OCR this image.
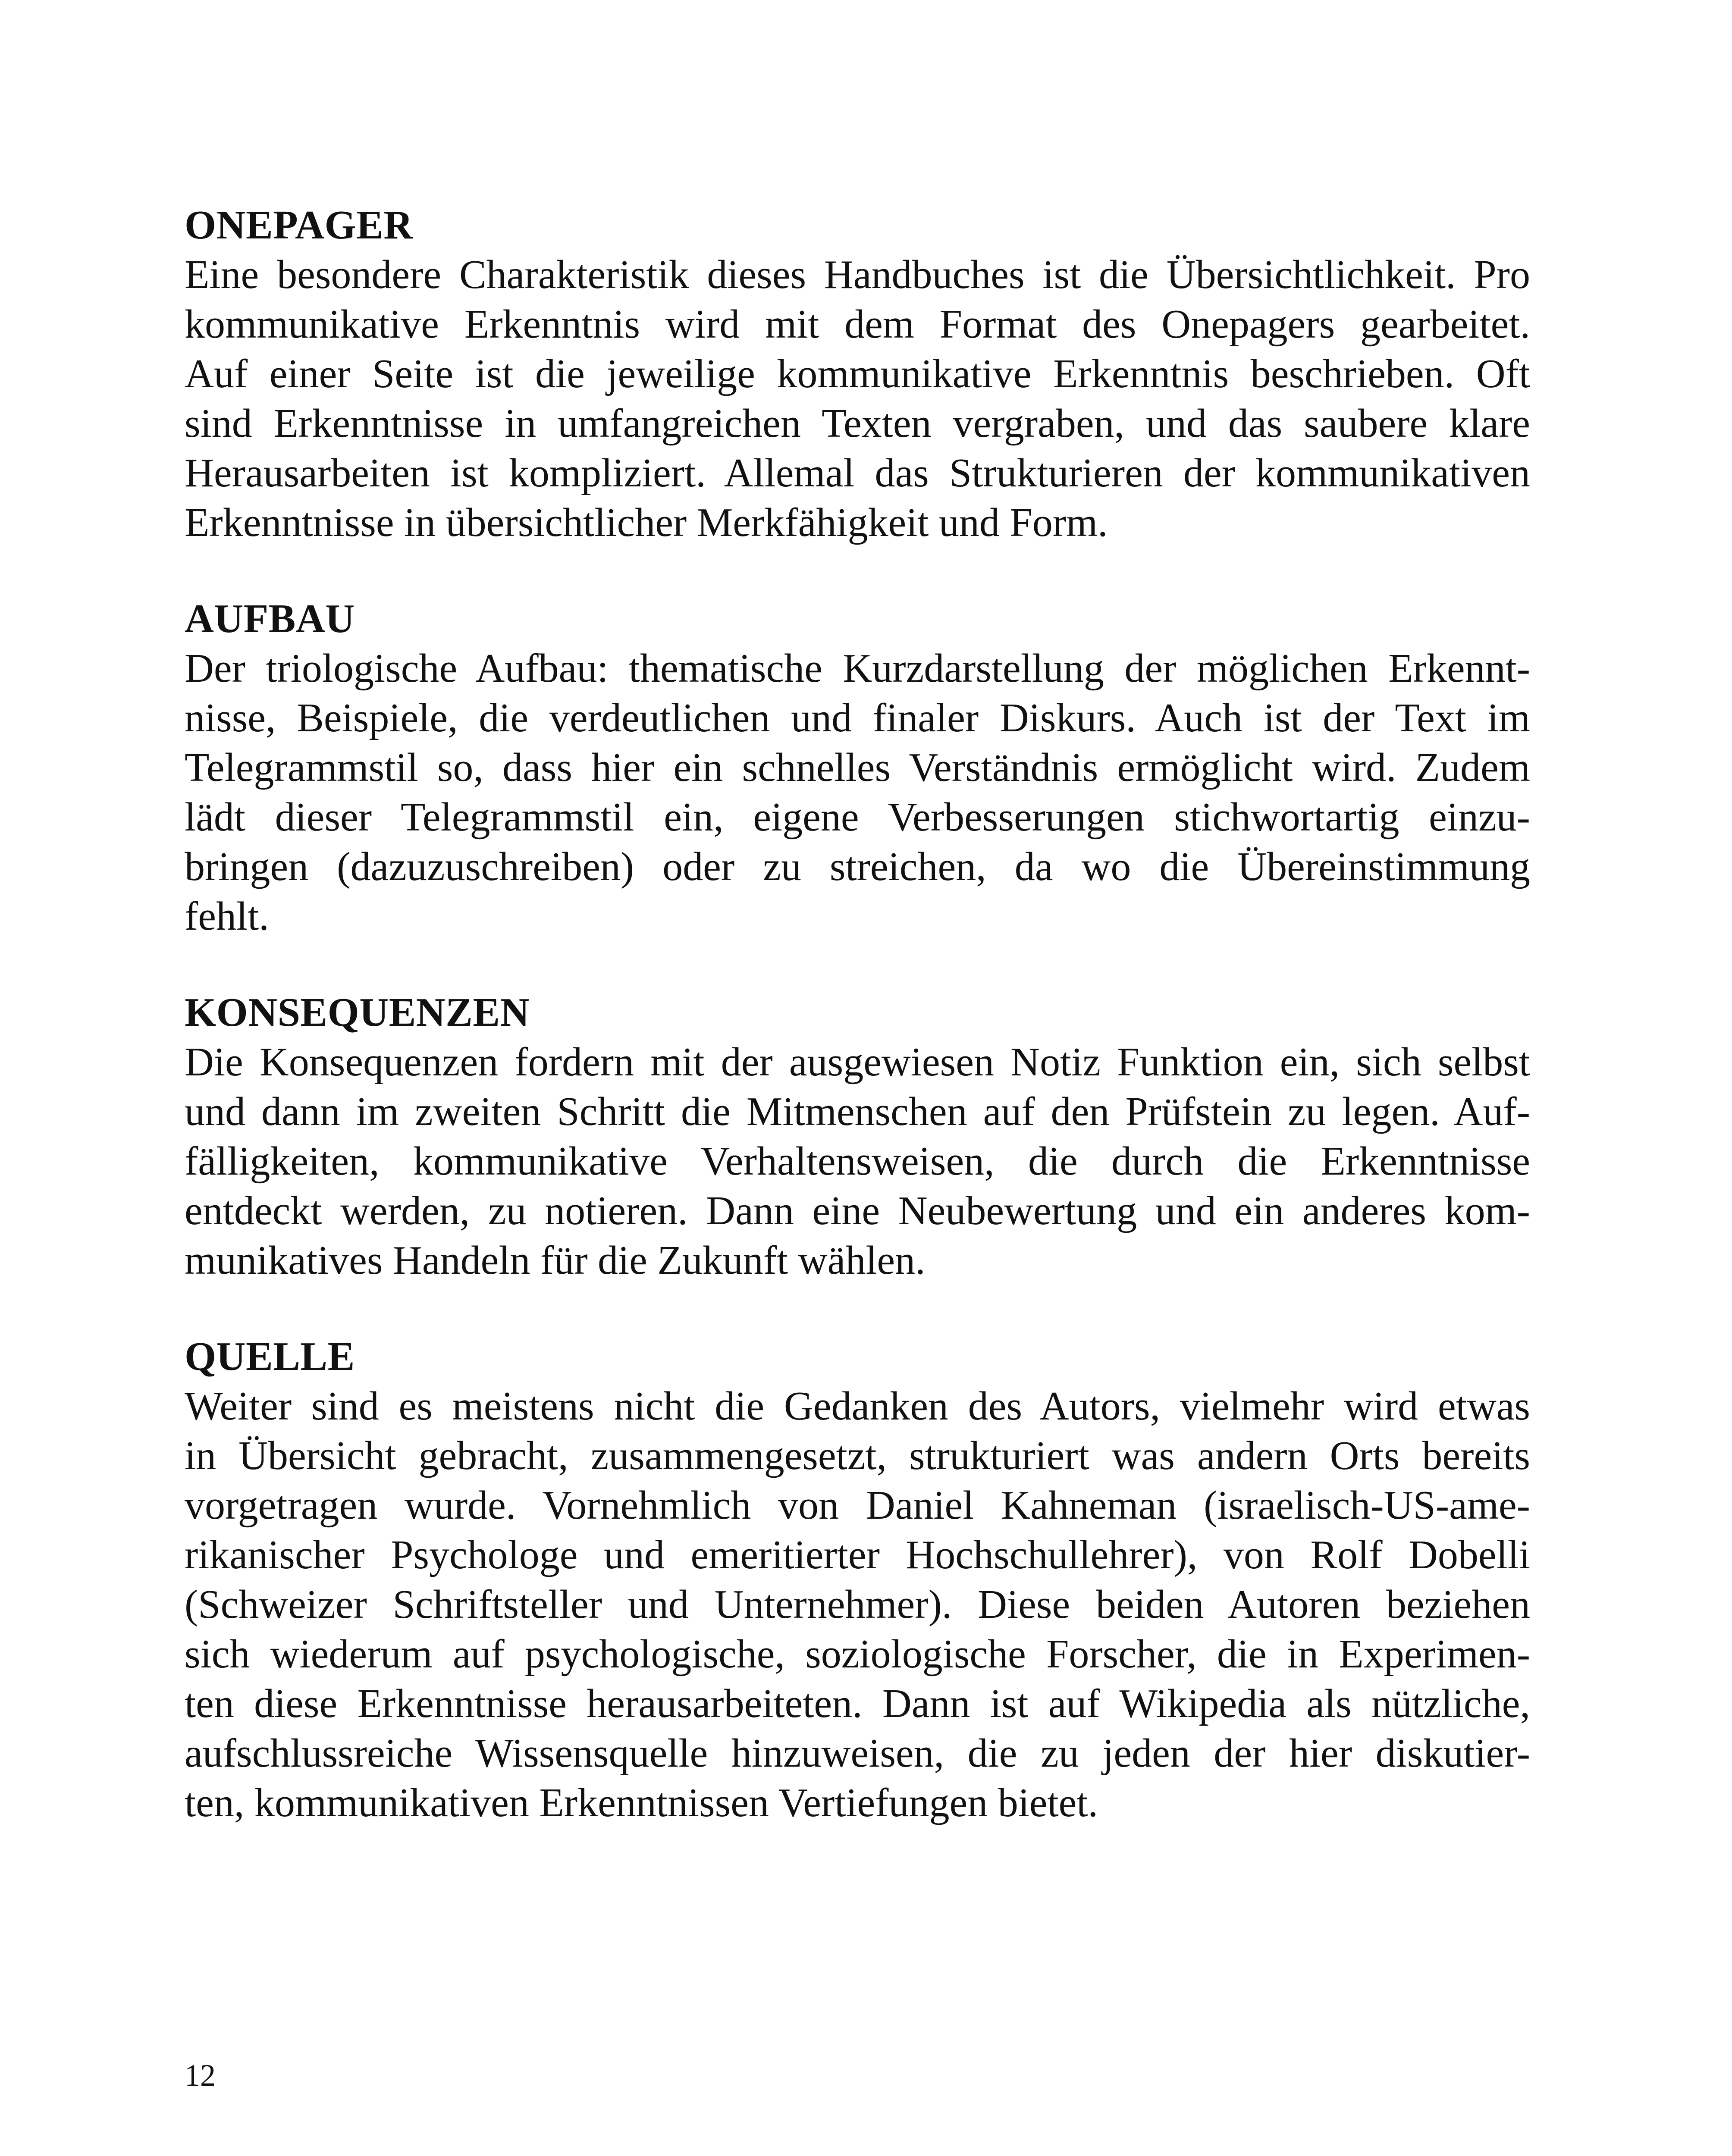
ONEPAGER

Eine besondere Charakteristik dieses Handbuches ist die Übersichtlichkeit. Pro
kommunikative Erkenntnis wird mit dem Format des Onepagers gearbeitet.
Auf einer Seite ist die jeweilige kommunikative Erkenntnis beschrieben. Oft
sind Erkenntnisse in umfangreichen Texten vergraben, und das saubere klare
Herausarbeiten ist kompliziert. Allemal das Strukturieren der kommunikativen
Erkenntnisse in übersichtlicher Merkfähigkeit und Form.

AUFBAU

Der triologische Aufbau: thematische Kurzdarstellung der möglichen Erkennt-
nisse, Beispiele, die verdeutlichen und finaler Diskurs. Auch ist der Text im
Telegrammstil so, dass hier ein schnelles Verständnis ermöglicht wird. Zudem
lädt dieser Telegrammstil ein, eigene Verbesserungen stichwortartig einzu-
bringen (dazuzuschreiben) oder zu streichen, da wo die Übereinstimmung
fehlt.

KONSEQUENZEN

Die Konsequenzen fordern mit der ausgewiesen Notiz Funktion ein, sich selbst
und dann im zweiten Schritt die Mitmenschen auf den Prüfstein zu legen. Auf-
fälligkeiten, kommunikative Verhaltensweisen, die durch die Erkenntnisse
entdeckt werden, zu notieren. Dann eine Neubewertung und ein anderes kom-
munikatives Handeln für die Zukunft wählen.

QUELLE

Weiter sind es meistens nicht die Gedanken des Autors, vielmehr wird etwas
in Übersicht gebracht, zusammengesetzt, strukturiert was andern Orts bereits
vorgetragen wurde. Vornehmlich von Daniel Kahneman (israelisch-US-ame-
rikanischer Psychologe und emeritierter Hochschullehrer), von Rolf Dobelli
(Schweizer Schriftsteller und Unternehmer). Diese beiden Autoren beziehen
sich wiederum auf psychologische, soziologische Forscher, die in Experimen-
ten diese Erkenntnisse herausarbeiteten. Dann ist auf Wikipedia als nützliche,
aufschlussreiche Wissensquelle hinzuweisen, die zu jeden der hier diskutier-
ten, kommunikativen Erkenntnissen Vertiefungen bietet.

12
